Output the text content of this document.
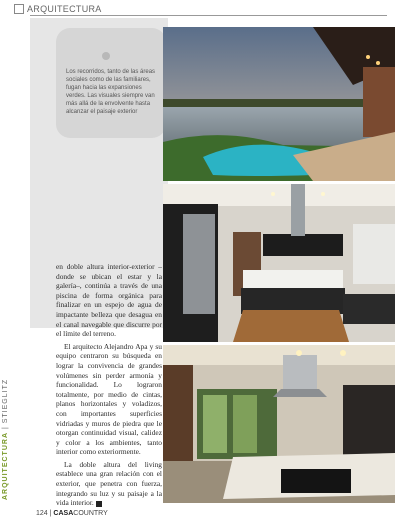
ARQUITECTURA
ARQUITECTURA | STIEGLITZ
Los recorridos, tanto de las áreas sociales como de las familiares, fugan hacia las expansiones verdes. Las visuales siempre van más allá de la envolvente hasta alcanzar el paisaje exterior

en doble altura interior-exterior –donde se ubican el estar y la galería–, continúa a través de una piscina de forma orgánica para finalizar en un espejo de agua de impactante belleza que desagua en el canal navegable que discurre por el límite del terreno.

El arquitecto Alejandro Apa y su equipo centraron su búsqueda en lograr la convivencia de grandes volúmenes sin perder armonía y funcionalidad. Lo lograron totalmente, por medio de cintas, planos horizontales y voladizos, con importantes superficies vidriadas y muros de piedra que le otorgan continuidad visual, calidez y color a los ambientes, tanto interior como exteriormente.

La doble altura del living establece una gran relación con el exterior, que penetra con fuerza, integrando su luz y su paisaje a la vida interior.

124 | CASACOUNTRY
